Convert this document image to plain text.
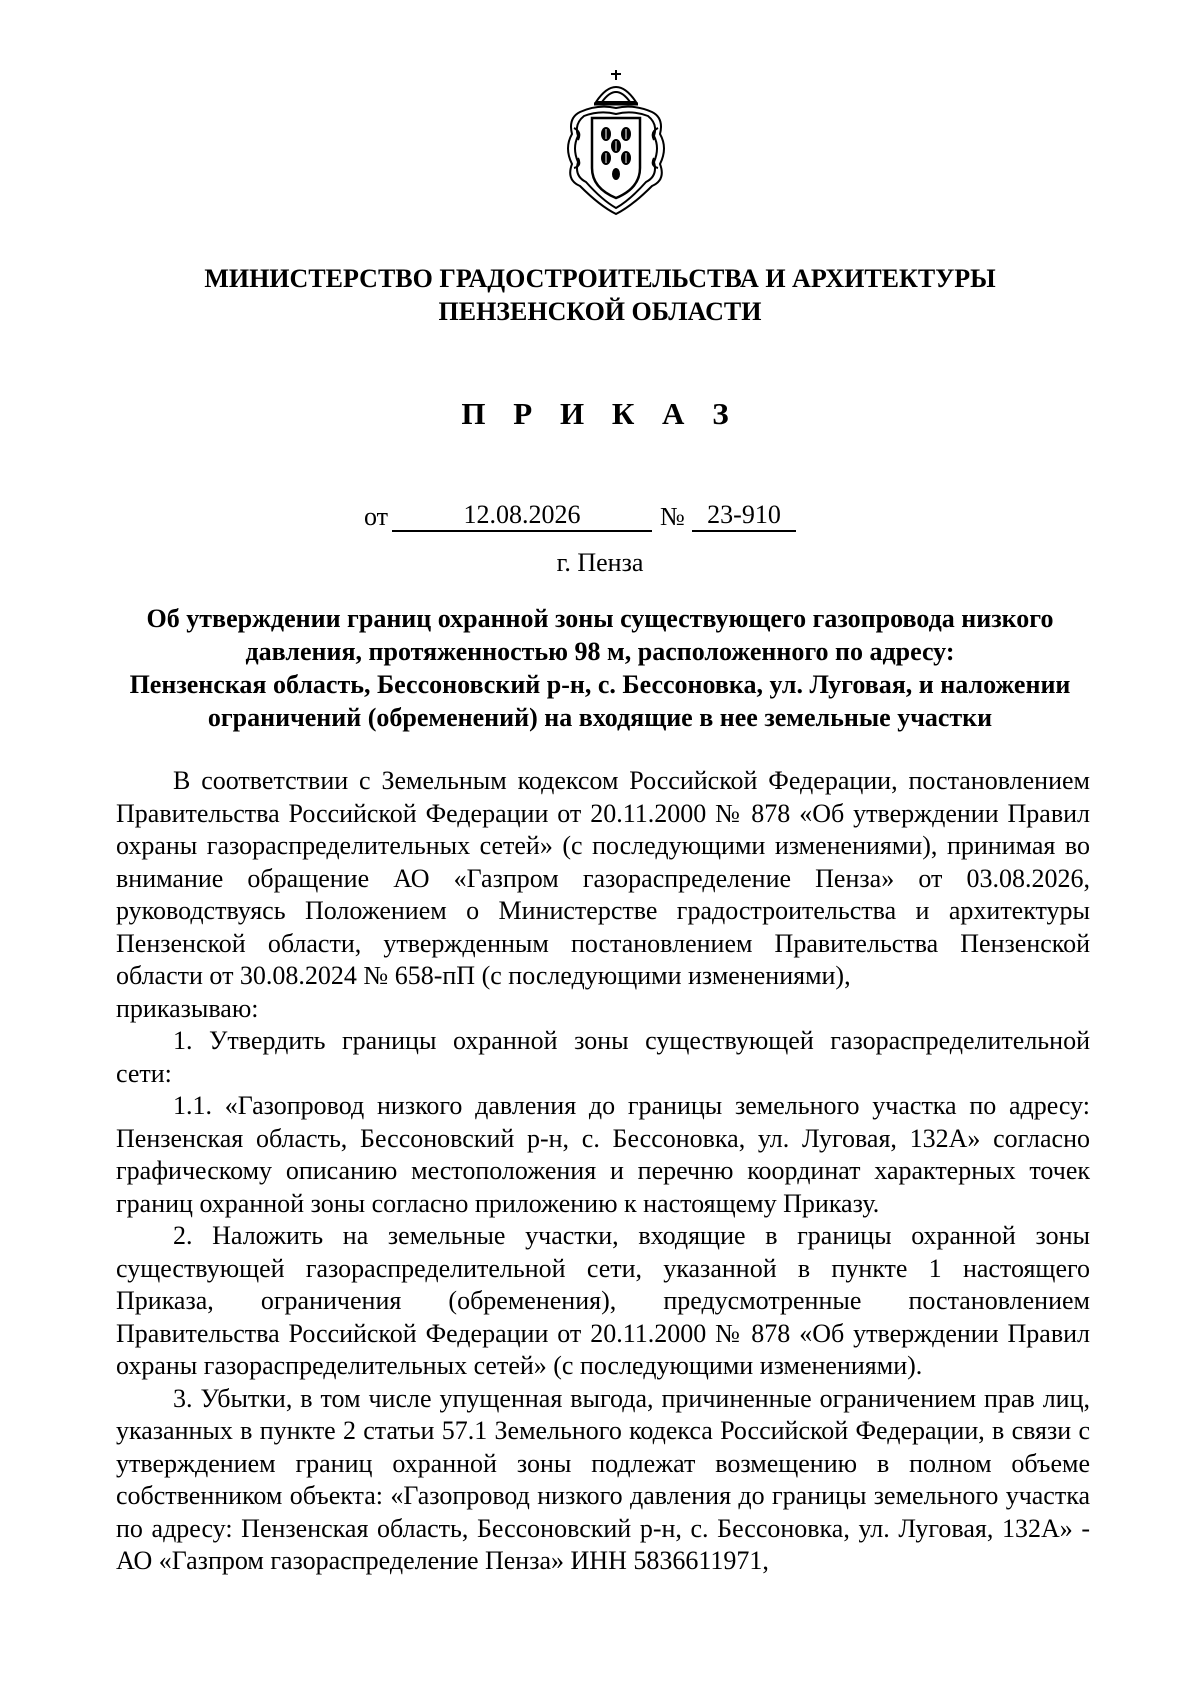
МИНИСТЕРСТВО ГРАДОСТРОИТЕЛЬСТВА И АРХИТЕКТУРЫ
ПЕНЗЕНСКОЙ ОБЛАСТИ
П Р И К А З
от	12.08.2026	№ 23-910
г. Пенза
Об утверждении границ охранной зоны существующего газопровода низкого
давления, протяженностью 98 м, расположенного по адресу:
Пензенская область, Бессоновский р-н, с. Бессоновка, ул. Луговая, и наложении
ограничений (обременений) на входящие в нее земельные участки

В соответствии с Земельным кодексом Российской Федерации, постановлением Правительства Российской Федерации от 20.11.2000 № 878 «Об утверждении Правил охраны газораспределительных сетей» (с последующими изменениями), принимая во внимание обращение АО «Газпром газораспределение Пенза» от 03.08.2026, руководствуясь Положением о Министерстве градостроительства и архитектуры Пензенской области, утвержденным постановлением Правительства Пензенской области от 30.08.2024 № 658-пП (с последующими изменениями),

приказываю:

1. Утвердить границы охранной зоны существующей газораспределительной сети:

1.1. «Газопровод низкого давления до границы земельного участка по адресу: Пензенская область, Бессоновский р-н, с. Бессоновка, ул. Луговая, 132А» согласно графическому описанию местоположения и перечню координат характерных точек границ охранной зоны согласно приложению к настоящему Приказу.

2. Наложить на земельные участки, входящие в границы охранной зоны существующей газораспределительной сети, указанной в пункте 1 настоящего Приказа, ограничения (обременения), предусмотренные постановлением Правительства Российской Федерации от 20.11.2000 № 878 «Об утверждении Правил охраны газораспределительных сетей» (с последующими изменениями).

3. Убытки, в том числе упущенная выгода, причиненные ограничением прав лиц, указанных в пункте 2 статьи 57.1 Земельного кодекса Российской Федерации, в связи с утверждением границ охранной зоны подлежат возмещению в полном объеме собственником объекта: «Газопровод низкого давления до границы земельного участка по адресу: Пензенская область, Бессоновский р-н, с. Бессоновка, ул. Луговая, 132А» - АО «Газпром газораспределение Пенза» ИНН 5836611971,
